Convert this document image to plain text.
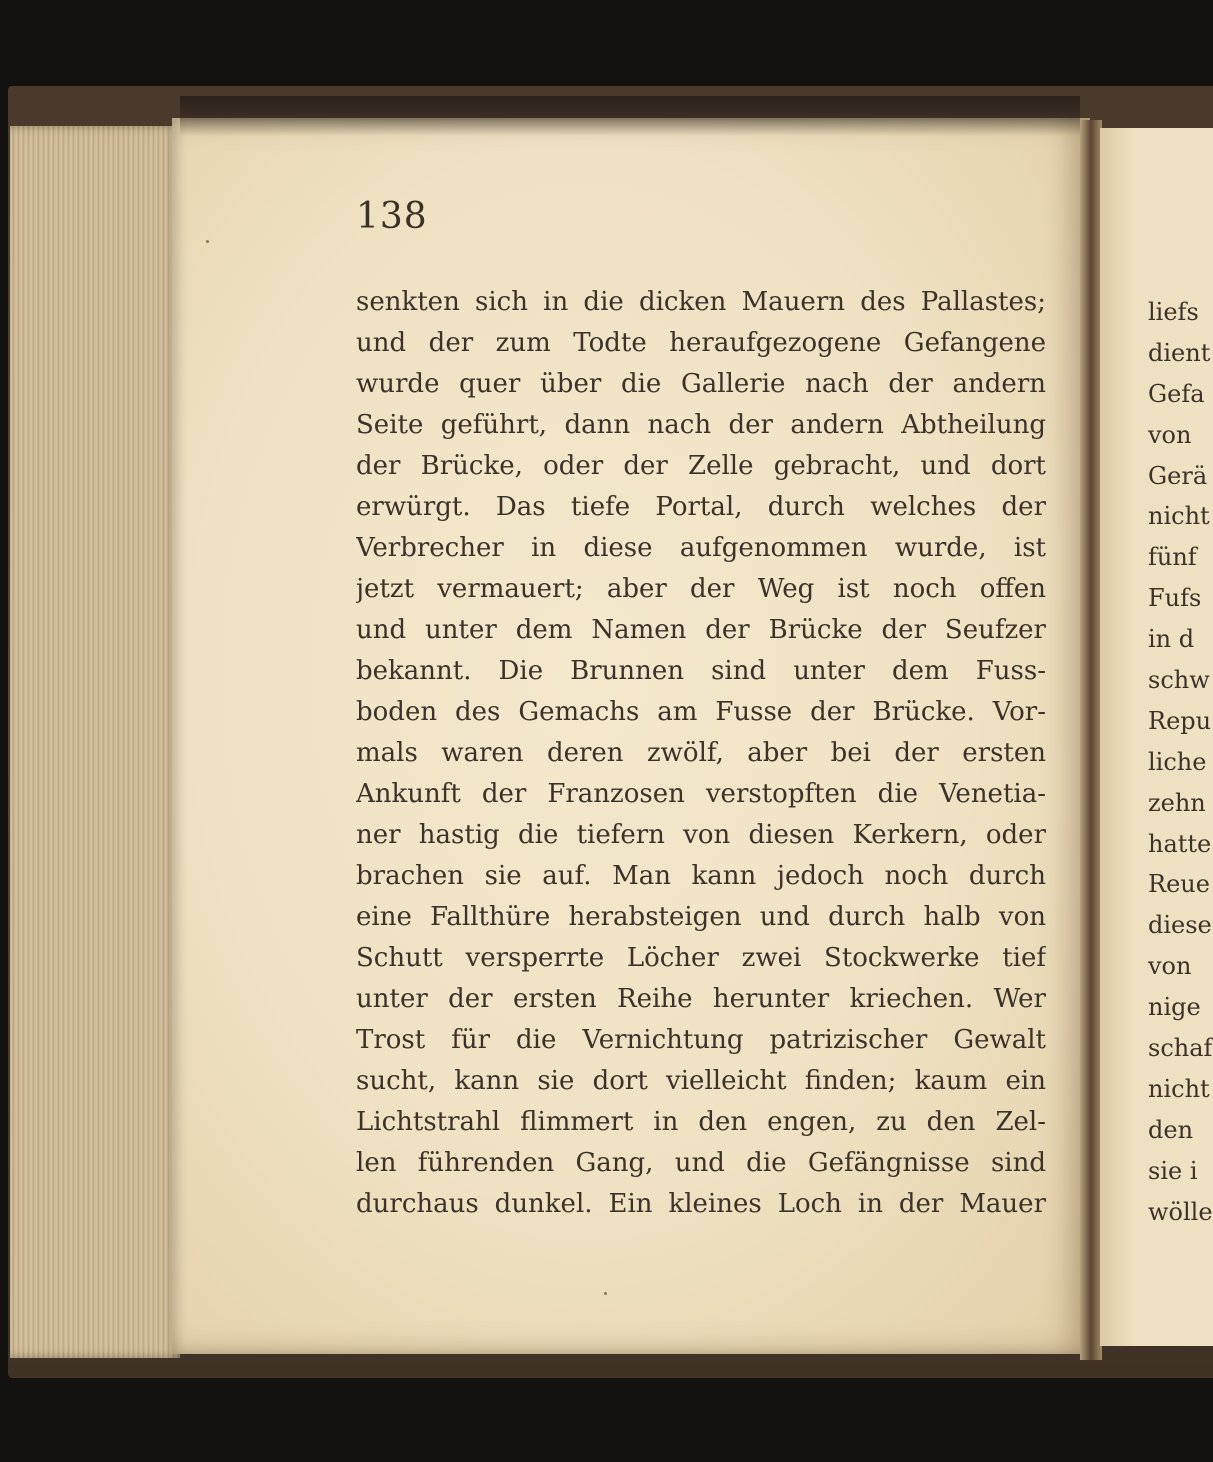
138
senkten sich in die dicken Mauern des Pallastes;
und der zum Todte heraufgezogene Gefangene
wurde quer über die Gallerie nach der andern
Seite geführt, dann nach der andern Abtheilung
der Brücke, oder der Zelle gebracht, und dort
erwürgt. Das tiefe Portal, durch welches der
Verbrecher in diese aufgenommen wurde, ist
jetzt vermauert; aber der Weg ist noch offen
und unter dem Namen der Brücke der Seufzer
bekannt. Die Brunnen sind unter dem Fuss-
boden des Gemachs am Fusse der Brücke. Vor-
mals waren deren zwölf, aber bei der ersten
Ankunft der Franzosen verstopften die Venetia-
ner hastig die tiefern von diesen Kerkern, oder
brachen sie auf. Man kann jedoch noch durch
eine Fallthüre herabsteigen und durch halb von
Schutt versperrte Löcher zwei Stockwerke tief
unter der ersten Reihe herunter kriechen. Wer
Trost für die Vernichtung patrizischer Gewalt
sucht, kann sie dort vielleicht finden; kaum ein
Lichtstrahl flimmert in den engen, zu den Zel-
len führenden Gang, und die Gefängnisse sind
durchaus dunkel. Ein kleines Loch in der Mauer
liefs
dient
Gefa
von
Gerä
nicht
fünf
Fufs
in d
schw
Repu
liche
zehn
hatte
Reue
diese
von
nige
schaf
nicht
den
sie i
wölle
